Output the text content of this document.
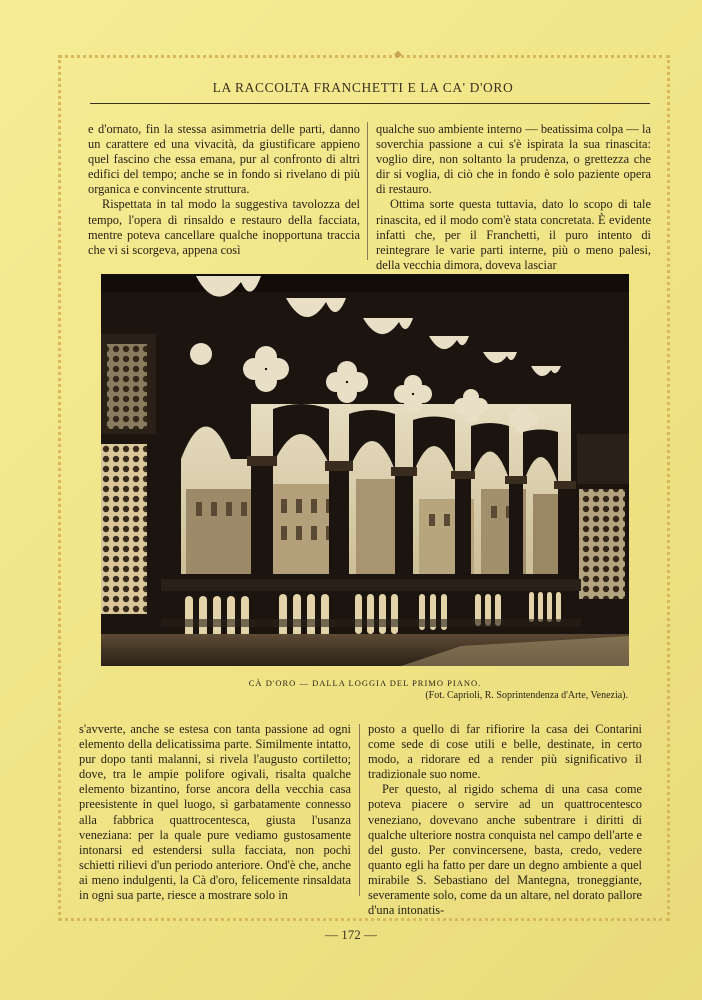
◆
LA RACCOLTA FRANCHETTI E LA CA' D'ORO

e d'ornato, fin la stessa asimmetria delle parti, danno un carattere ed una vivacità, da giustificare appieno quel fascino che essa emana, pur al confronto di altri edifici del tempo; anche se in fondo si rivelano di più organica e convincente struttura.

Rispettata in tal modo la suggestiva tavolozza del tempo, l'opera di rinsaldo e restauro della facciata, mentre poteva cancellare qualche inopportuna traccia che vi si scorgeva, appena così

qualche suo ambiente interno — beatissima colpa — la soverchia passione a cui s'è ispirata la sua rinascita: voglio dire, non soltanto la prudenza, o grettezza che dir si voglia, di ciò che in fondo è solo paziente opera di restauro.

Ottima sorte questa tuttavia, dato lo scopo di tale rinascita, ed il modo com'è stata concretata. È evidente infatti che, per il Franchetti, il puro intento di reintegrare le varie parti interne, più o meno palesi, della vecchia dimora, doveva lasciar

CÀ D'ORO — DALLA LOGGIA DEL PRIMO PIANO.
(Fot. Caprioli, R. Soprintendenza d'Arte, Venezia).

s'avverte, anche se estesa con tanta passione ad ogni elemento della delicatissima parte. Similmente intatto, pur dopo tanti malanni, si rivela l'augusto cortiletto; dove, tra le ampie polifore ogivali, risalta qualche elemento bizantino, forse ancora della vecchia casa preesistente in quel luogo, sì garbatamente connesso alla fabbrica quattrocentesca, giusta l'usanza veneziana: per la quale pure vediamo gustosamente intonarsi ed estendersi sulla facciata, non pochi schietti rilievi d'un periodo anteriore. Ond'è che, anche ai meno indulgenti, la Cà d'oro, felicemente rinsaldata in ogni sua parte, riesce a mostrare solo in

posto a quello di far rifiorire la casa dei Contarini come sede di cose utili e belle, destinate, in certo modo, a ridorare ed a render più significativo il tradizionale suo nome.

Per questo, al rigido schema di una casa come poteva piacere o servire ad un quattrocentesco veneziano, dovevano anche subentrare i diritti di qualche ulteriore nostra conquista nel campo dell'arte e del gusto. Per convincersene, basta, credo, vedere quanto egli ha fatto per dare un degno ambiente a quel mirabile S. Sebastiano del Mantegna, troneggiante, severamente solo, come da un altare, nel dorato pallore d'una intonatis-

— 172 —
